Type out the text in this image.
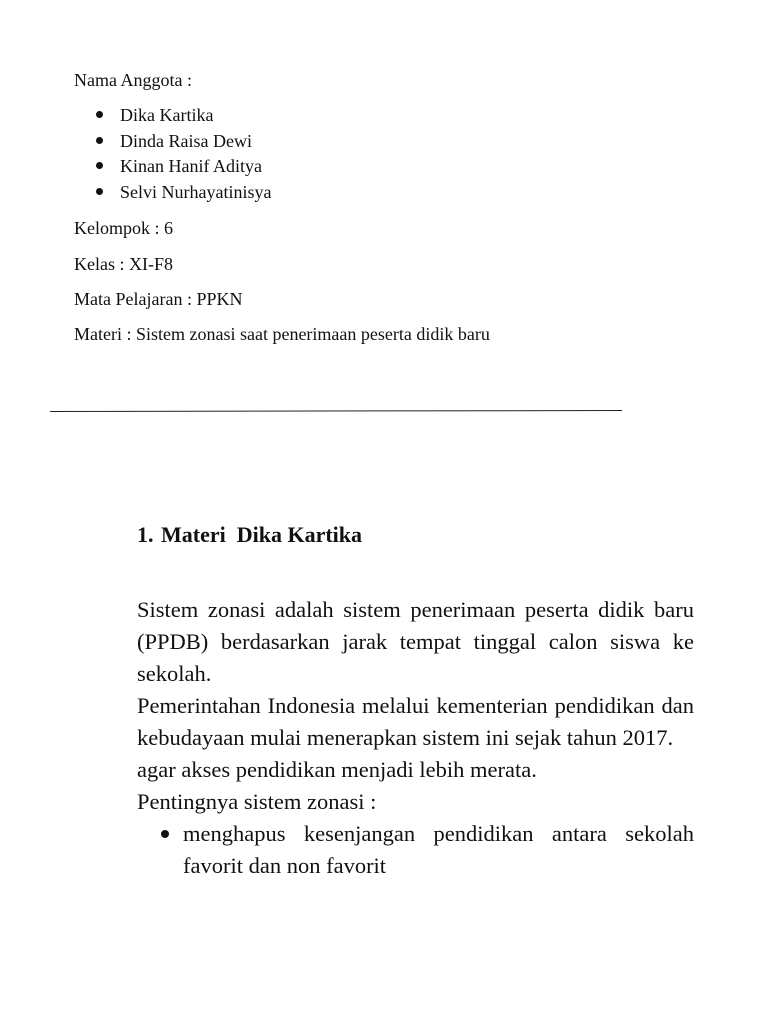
Nama Anggota :
Dika Kartika
Dinda Raisa Dewi
Kinan Hanif Aditya
Selvi Nurhayatinisya
Kelompok : 6
Kelas : XI-F8
Mata Pelajaran : PPKN
Materi : Sistem zonasi saat penerimaan peserta didik baru
1. Materi  Dika Kartika

Sistem zonasi adalah sistem penerimaan peserta didik baru (PPDB) berdasarkan jarak tempat tinggal calon siswa ke sekolah.

Pemerintahan Indonesia melalui kementerian pendidikan dan kebudayaan mulai menerapkan sistem ini sejak tahun 2017.

agar akses pendidikan menjadi lebih merata.

Pentingnya sistem zonasi :

menghapus kesenjangan pendidikan antara sekolah favorit dan non favorit
